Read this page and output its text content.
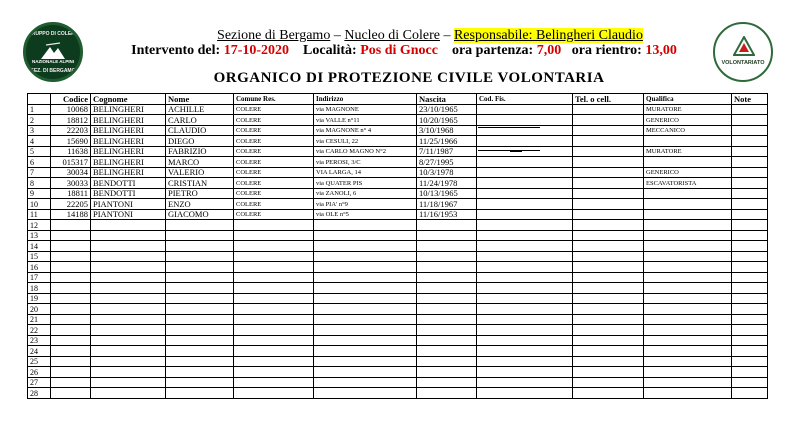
GRUPPO DI COLERE
NAZIONALE ALPINI
SEZ. DI BERGAMO
VOLONTARIATO
Sezione di Bergamo – Nucleo di Colere – Responsabile: Belingheri Claudio
Intervento del: 17-10-2020 Località: Pos di Gnocc ora partenza: 7,00 ora rientro: 13,00
ORGANICO DI PROTEZIONE CIVILE VOLONTARIA
	Codice	Cognome	Nome	Comune Res.	Indirizzo	Nascita	Cod. Fis.	Tel. o cell.	Qualifica	Note
1	10068	BELINGHERI	ACHILLE	COLERE	via MAGNONE	23/10/1965			MURATORE	
2	18812	BELINGHERI	CARLO	COLERE	via VALLE n°11	10/20/1965			GENERICO	
3	22203	BELINGHERI	CLAUDIO	COLERE	via MAGNONE n° 4	3/10/1968			MECCANICO	
4	15690	BELINGHERI	DIEGO	COLERE	via CESULI, 22	11/25/1966				
5	11638	BELINGHERI	FABRIZIO	COLERE	via CARLO MAGNO N°2	7/11/1987			MURATORE	
6	015317	BELINGHERI	MARCO	COLERE	via PEROSI, 3/C	8/27/1995				
7	30034	BELINGHERI	VALERIO	COLERE	VIA LARGA, 14	10/3/1978			GENERICO	
8	30033	BENDOTTI	CRISTIAN	COLERE	via QUATER PIS	11/24/1978			ESCAVATORISTA	
9	18811	BENDOTTI	PIETRO	COLERE	via ZANOLI, 6	10/13/1965				
10	22205	PIANTONI	ENZO	COLERE	via PIA' n°9	11/18/1967				
11	14188	PIANTONI	GIACOMO	COLERE	via OLE n°5	11/16/1953				
12										
13										
14										
15										
16										
17										
18										
19										
20										
21										
22										
23										
24										
25										
26										
27										
28										
